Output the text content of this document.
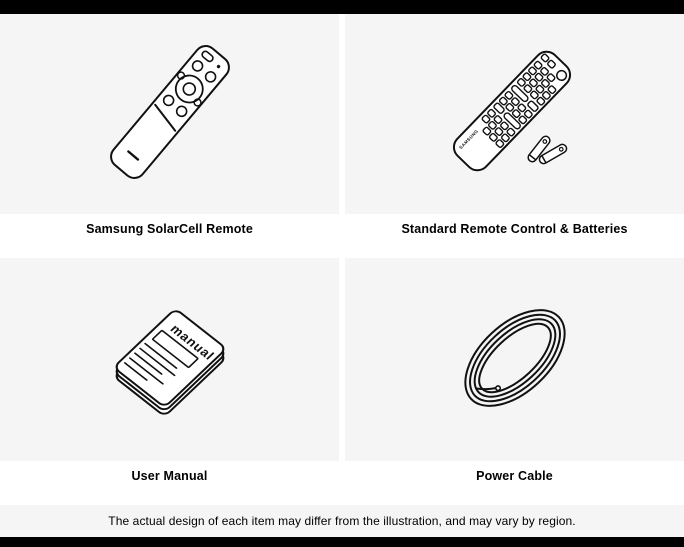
Samsung SolarCell Remote
SAMSUNG
Standard Remote Control & Batteries
manual
User Manual	Power Cable
The actual design of each item may differ from the illustration, and may vary by region.
